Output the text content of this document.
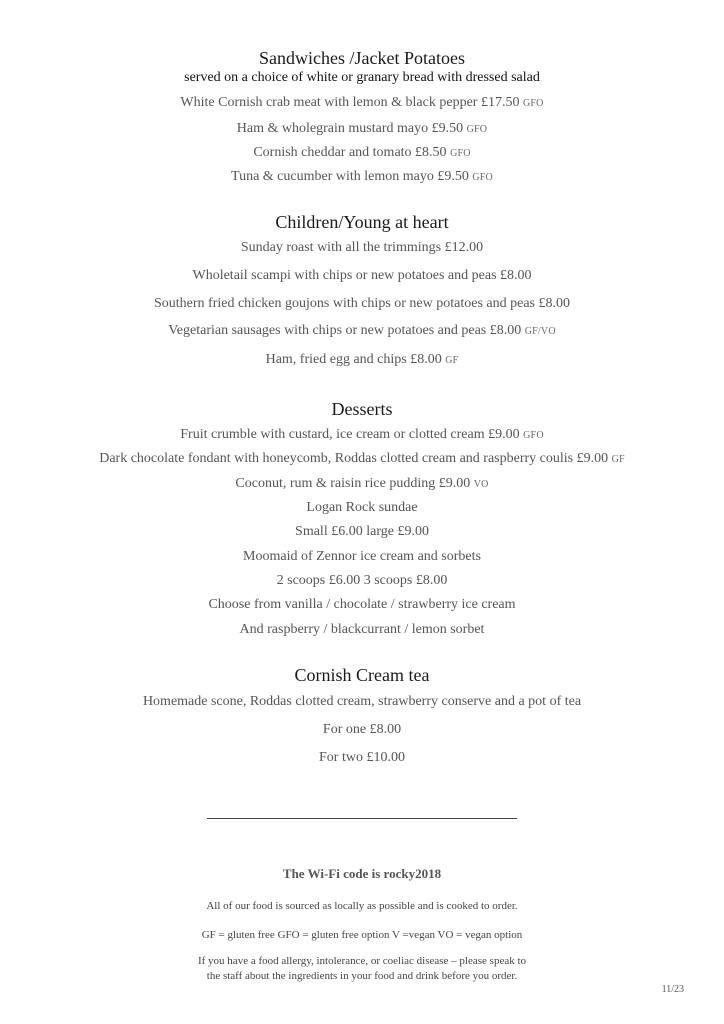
Sandwiches /Jacket Potatoes
served on a choice of white or granary bread with dressed salad
White Cornish crab meat with lemon & black pepper £17.50 GFO
Ham & wholegrain mustard mayo £9.50 GFO
Cornish cheddar and tomato £8.50 GFO
Tuna & cucumber with lemon mayo £9.50 GFO
Children/Young at heart
Sunday roast with all the trimmings £12.00
Wholetail scampi with chips or new potatoes and peas £8.00
Southern fried chicken goujons with chips or new potatoes and peas £8.00
Vegetarian sausages with chips or new potatoes and peas £8.00 GF/VO
Ham, fried egg and chips £8.00 GF
Desserts
Fruit crumble with custard, ice cream or clotted cream £9.00 GFO
Dark chocolate fondant with honeycomb, Roddas clotted cream and raspberry coulis £9.00 GF
Coconut, rum & raisin rice pudding £9.00 VO
Logan Rock sundae
Small £6.00 large £9.00
Moomaid of Zennor ice cream and sorbets
2 scoops £6.00 3 scoops £8.00
Choose from vanilla / chocolate / strawberry ice cream
And raspberry / blackcurrant / lemon sorbet
Cornish Cream tea
Homemade scone, Roddas clotted cream, strawberry conserve and a pot of tea
For one £8.00
For two £10.00
The Wi-Fi code is rocky2018
All of our food is sourced as locally as possible and is cooked to order.
GF = gluten free GFO = gluten free option V =vegan VO = vegan option
If you have a food allergy, intolerance, or coeliac disease – please speak to
the staff about the ingredients in your food and drink before you order.
11/23
